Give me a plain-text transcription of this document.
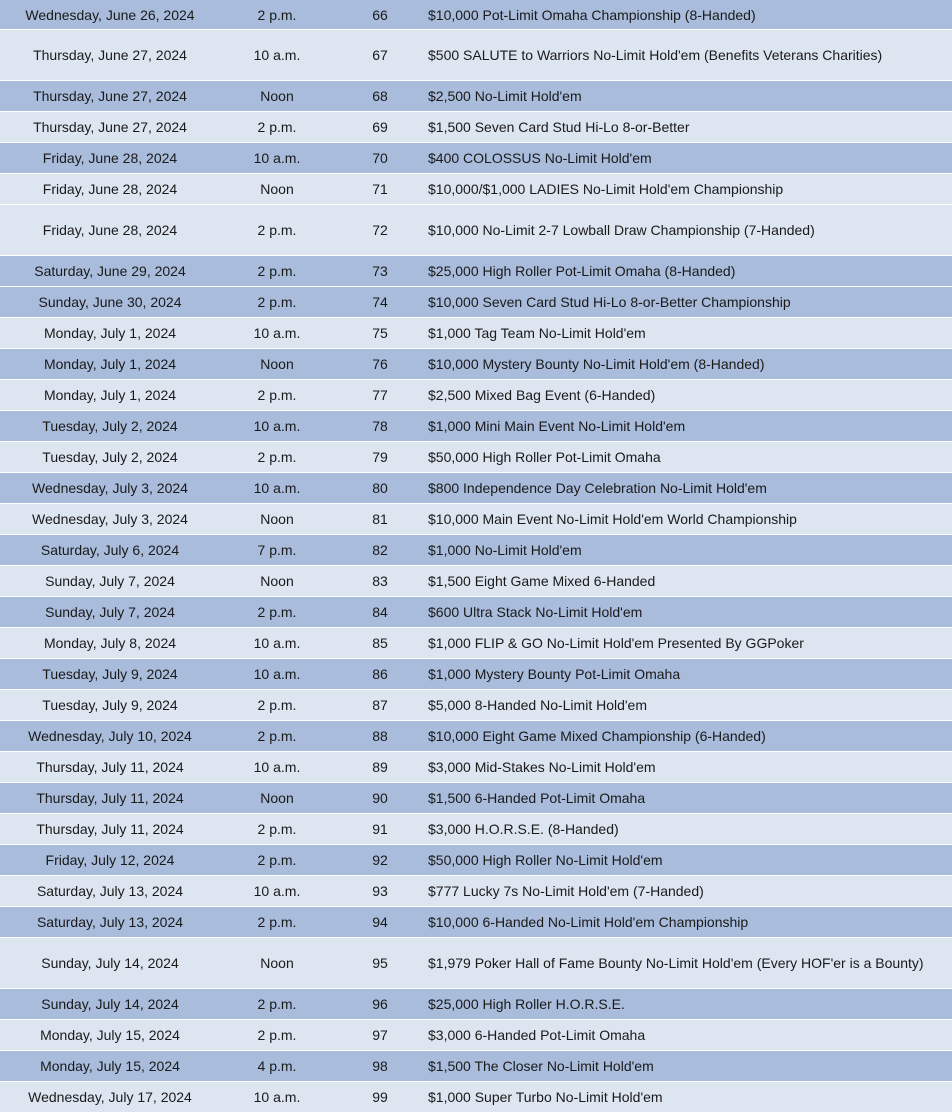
Wednesday, June 26, 2024	2 p.m.	66	$10,000 Pot-Limit Omaha Championship (8-Handed)
Thursday, June 27, 2024	10 a.m.	67	$500 SALUTE to Warriors No-Limit Hold'em (Benefits Veterans Charities)
Thursday, June 27, 2024	Noon	68	$2,500 No-Limit Hold'em
Thursday, June 27, 2024	2 p.m.	69	$1,500 Seven Card Stud Hi-Lo 8-or-Better
Friday, June 28, 2024	10 a.m.	70	$400 COLOSSUS No-Limit Hold'em
Friday, June 28, 2024	Noon	71	$10,000/$1,000 LADIES No-Limit Hold'em Championship
Friday, June 28, 2024	2 p.m.	72	$10,000 No-Limit 2-7 Lowball Draw Championship (7-Handed)
Saturday, June 29, 2024	2 p.m.	73	$25,000 High Roller Pot-Limit Omaha (8-Handed)
Sunday, June 30, 2024	2 p.m.	74	$10,000 Seven Card Stud Hi-Lo 8-or-Better Championship
Monday, July 1, 2024	10 a.m.	75	$1,000 Tag Team No-Limit Hold'em
Monday, July 1, 2024	Noon	76	$10,000 Mystery Bounty No-Limit Hold'em (8-Handed)
Monday, July 1, 2024	2 p.m.	77	$2,500 Mixed Bag Event (6-Handed)
Tuesday, July 2, 2024	10 a.m.	78	$1,000 Mini Main Event No-Limit Hold'em
Tuesday, July 2, 2024	2 p.m.	79	$50,000 High Roller Pot-Limit Omaha
Wednesday, July 3, 2024	10 a.m.	80	$800 Independence Day Celebration No-Limit Hold'em
Wednesday, July 3, 2024	Noon	81	$10,000 Main Event No-Limit Hold'em World Championship
Saturday, July 6, 2024	7 p.m.	82	$1,000 No-Limit Hold'em
Sunday, July 7, 2024	Noon	83	$1,500 Eight Game Mixed 6-Handed
Sunday, July 7, 2024	2 p.m.	84	$600 Ultra Stack No-Limit Hold'em
Monday, July 8, 2024	10 a.m.	85	$1,000 FLIP & GO No-Limit Hold'em Presented By GGPoker
Tuesday, July 9, 2024	10 a.m.	86	$1,000 Mystery Bounty Pot-Limit Omaha
Tuesday, July 9, 2024	2 p.m.	87	$5,000 8-Handed No-Limit Hold'em
Wednesday, July 10, 2024	2 p.m.	88	$10,000 Eight Game Mixed Championship (6-Handed)
Thursday, July 11, 2024	10 a.m.	89	$3,000 Mid-Stakes No-Limit Hold'em
Thursday, July 11, 2024	Noon	90	$1,500 6-Handed Pot-Limit Omaha
Thursday, July 11, 2024	2 p.m.	91	$3,000 H.O.R.S.E. (8-Handed)
Friday, July 12, 2024	2 p.m.	92	$50,000 High Roller No-Limit Hold'em
Saturday, July 13, 2024	10 a.m.	93	$777 Lucky 7s No-Limit Hold'em (7-Handed)
Saturday, July 13, 2024	2 p.m.	94	$10,000 6-Handed No-Limit Hold'em Championship
Sunday, July 14, 2024	Noon	95	$1,979 Poker Hall of Fame Bounty No-Limit Hold'em (Every HOF'er is a Bounty)
Sunday, July 14, 2024	2 p.m.	96	$25,000 High Roller H.O.R.S.E.
Monday, July 15, 2024	2 p.m.	97	$3,000 6-Handed Pot-Limit Omaha
Monday, July 15, 2024	4 p.m.	98	$1,500 The Closer No-Limit Hold'em
Wednesday, July 17, 2024	10 a.m.	99	$1,000 Super Turbo No-Limit Hold'em
